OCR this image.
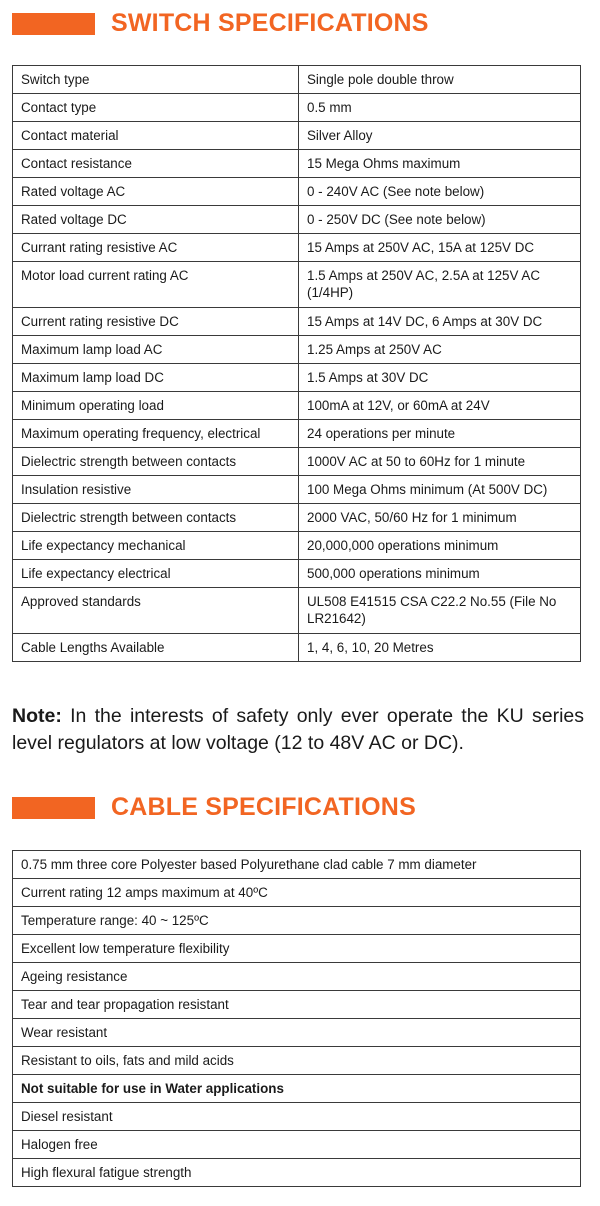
SWITCH SPECIFICATIONS
Switch type	Single pole double throw
Contact type	0.5 mm
Contact material	Silver Alloy
Contact resistance	15 Mega Ohms maximum
Rated voltage AC	0 - 240V AC (See note below)
Rated voltage DC	0 - 250V DC (See note below)
Currant rating resistive AC	15 Amps at 250V AC, 15A at 125V DC
Motor load current rating AC	1.5 Amps at 250V AC, 2.5A at 125V AC (1/4HP)
Current rating resistive DC	15 Amps at 14V DC, 6 Amps at 30V DC
Maximum lamp load AC	1.25 Amps at 250V AC
Maximum lamp load DC	1.5 Amps at 30V DC
Minimum operating load	100mA at 12V, or 60mA at 24V
Maximum operating frequency, electrical	24 operations per minute
Dielectric strength between contacts	1000V AC at 50 to 60Hz for 1 minute
Insulation resistive	100 Mega Ohms minimum (At 500V DC)
Dielectric strength between contacts	2000 VAC, 50/60 Hz for 1 minimum
Life expectancy mechanical	20,000,000 operations minimum
Life expectancy electrical	500,000 operations minimum
Approved standards	UL508 E41515 CSA C22.2 No.55 (File No LR21642)
Cable Lengths Available	1, 4, 6, 10, 20 Metres
Note: In the interests of safety only ever operate the KU series level regulators at low voltage (12 to 48V AC or DC).
CABLE SPECIFICATIONS
0.75 mm three core Polyester based Polyurethane clad cable 7 mm diameter
Current rating 12 amps maximum at 40ºC
Temperature range: 40 ~ 125ºC
Excellent low temperature flexibility
Ageing resistance
Tear and tear propagation resistant
Wear resistant
Resistant to oils, fats and mild acids
Not suitable for use in Water applications
Diesel resistant
Halogen free
High flexural fatigue strength
